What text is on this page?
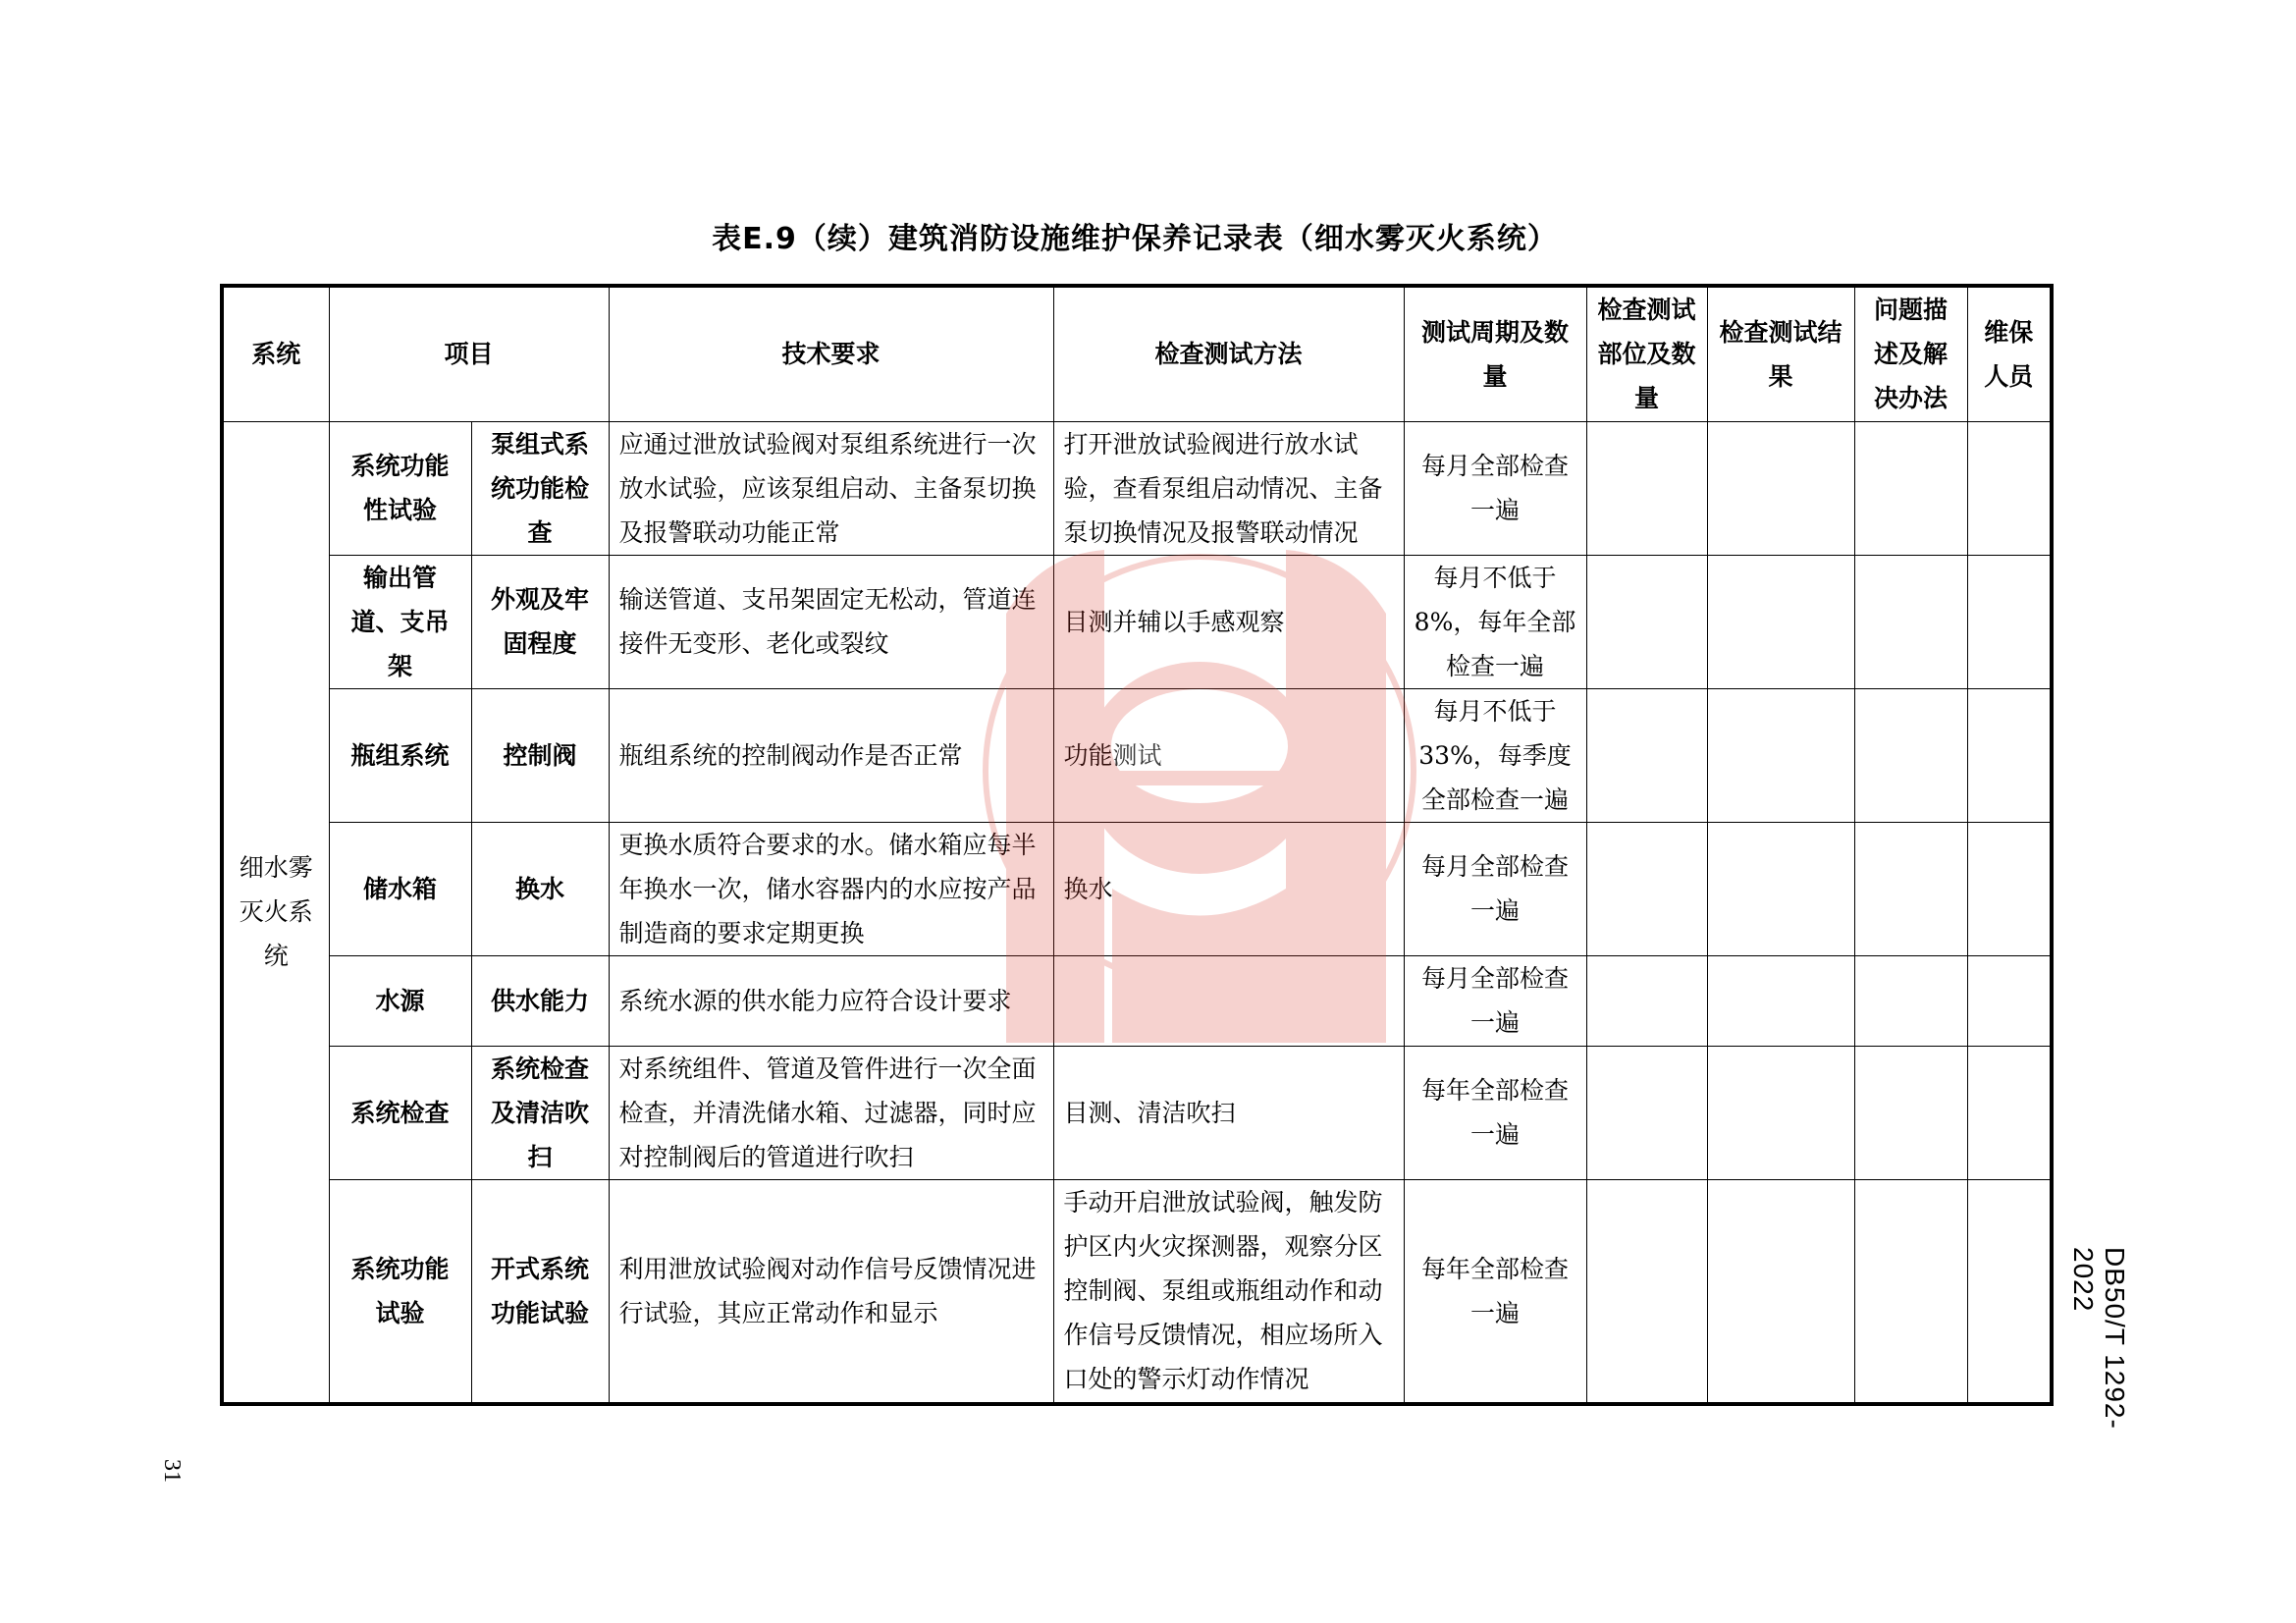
表E.9（续）建筑消防设施维护保养记录表（细水雾灭火系统）
系统	项目		技术要求	检查测试方法	测试周期及数量	检查测试部位及数量	检查测试结果	问题描述及解决办法	维保人员
细水雾灭火系统	系统功能性试验	泵组式系统功能检查	应通过泄放试验阀对泵组系统进行一次放水试验，应该泵组启动、主备泵切换及报警联动功能正常	打开泄放试验阀进行放水试验，查看泵组启动情况、主备泵切换情况及报警联动情况	每月全部检查一遍				
	输出管道、支吊架	外观及牢固程度	输送管道、支吊架固定无松动，管道连接件无变形、老化或裂纹	目测并辅以手感观察	每月不低于8%，每年全部检查一遍				
	瓶组系统	控制阀	瓶组系统的控制阀动作是否正常	功能测试	每月不低于33%，每季度全部检查一遍				
	储水箱	换水	更换水质符合要求的水。储水箱应每半年换水一次，储水容器内的水应按产品制造商的要求定期更换	换水	每月全部检查一遍				
	水源	供水能力	系统水源的供水能力应符合设计要求		每月全部检查一遍				
	系统检查	系统检查及清洁吹扫	对系统组件、管道及管件进行一次全面检查，并清洗储水箱、过滤器，同时应对控制阀后的管道进行吹扫	目测、清洁吹扫	每年全部检查一遍				
	系统功能试验	开式系统功能试验	利用泄放试验阀对动作信号反馈情况进行试验，其应正常动作和显示	手动开启泄放试验阀，触发防护区内火灾探测器，观察分区控制阀、泵组或瓶组动作和动作信号反馈情况，相应场所入口处的警示灯动作情况	每年全部检查一遍					DB50/T 1292-2022
31
